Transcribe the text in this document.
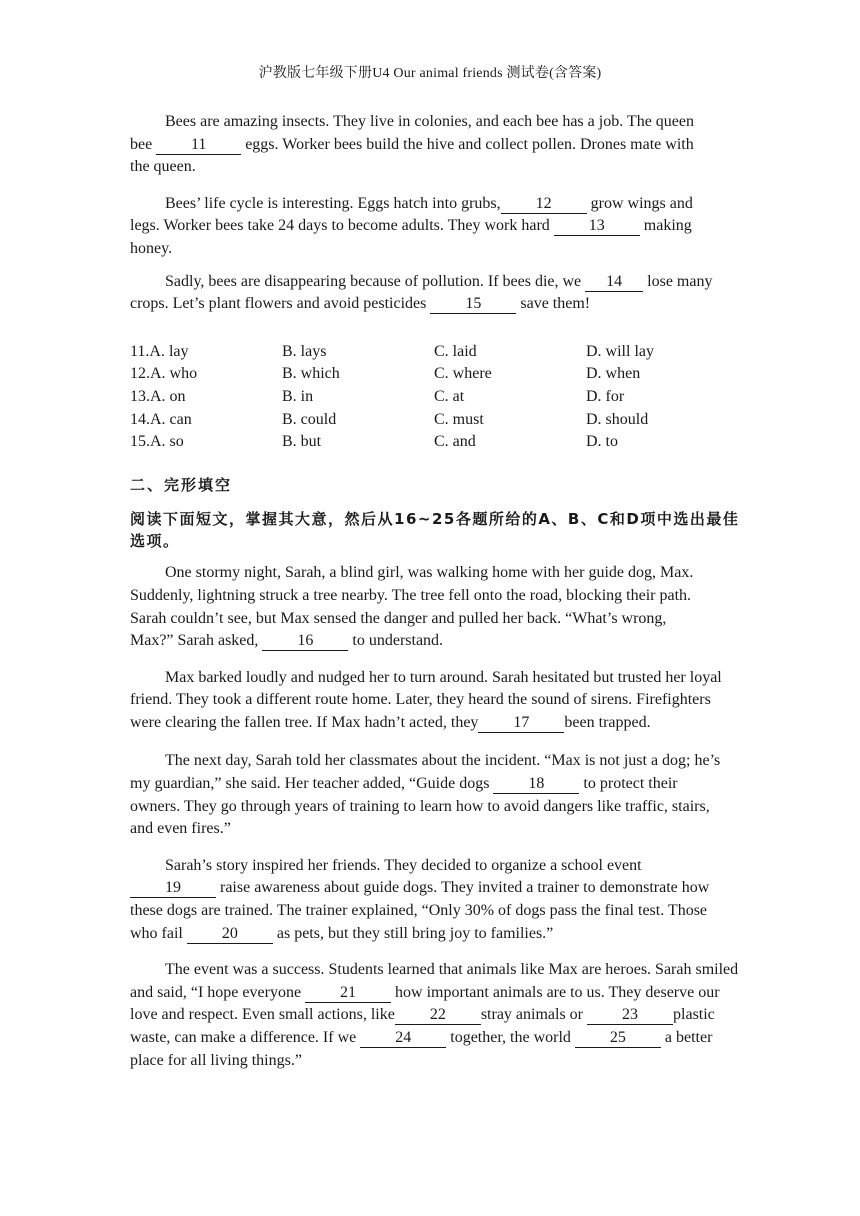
沪教版七年级下册U4 Our animal friends 测试卷(含答案)

Bees are amazing insects. They live in colonies, and each bee has a job. The queen bee 11 eggs. Worker bees build the hive and collect pollen. Drones mate with the queen.

Bees’ life cycle is interesting. Eggs hatch into grubs, 12 grow wings and legs. Worker bees take 24 days to become adults. They work hard 13 making honey.

Sadly, bees are disappearing because of pollution. If bees die, we 14 lose many crops. Let’s plant flowers and avoid pesticides 15 save them!

11.A. lay	B. lays	C. laid	D. will lay
12.A. who	B. which	C. where	D. when
13.A. on	B. in	C. at	D. for
14.A. can	B. could	C. must	D. should
15.A. so	B. but	C. and	D. to
二、完形填空
阅读下面短文，掌握其大意，然后从16~25各题所给的A、B、C和D项中选出最佳选项。

One stormy night, Sarah, a blind girl, was walking home with her guide dog, Max. Suddenly, lightning struck a tree nearby. The tree fell onto the road, blocking their path. Sarah couldn’t see, but Max sensed the danger and pulled her back. “What’s wrong, Max?” Sarah asked, 16 to understand.

Max barked loudly and nudged her to turn around. Sarah hesitated but trusted her loyal friend. They took a different route home. Later, they heard the sound of sirens. Firefighters were clearing the fallen tree. If Max hadn’t acted, they 17 been trapped.

The next day, Sarah told her classmates about the incident. “Max is not just a dog; he’s my guardian,” she said. Her teacher added, “Guide dogs 18 to protect their owners. They go through years of training to learn how to avoid dangers like traffic, stairs, and even fires.”

Sarah’s story inspired her friends. They decided to organize a school event 19 raise awareness about guide dogs. They invited a trainer to demonstrate how these dogs are trained. The trainer explained, “Only 30% of dogs pass the final test. Those who fail 20 as pets, but they still bring joy to families.”

The event was a success. Students learned that animals like Max are heroes. Sarah smiled and said, “I hope everyone 21 how important animals are to us. They deserve our love and respect. Even small actions, like 22 stray animals or 23 plastic waste, can make a difference. If we 24 together, the world 25 a better place for all living things.”
